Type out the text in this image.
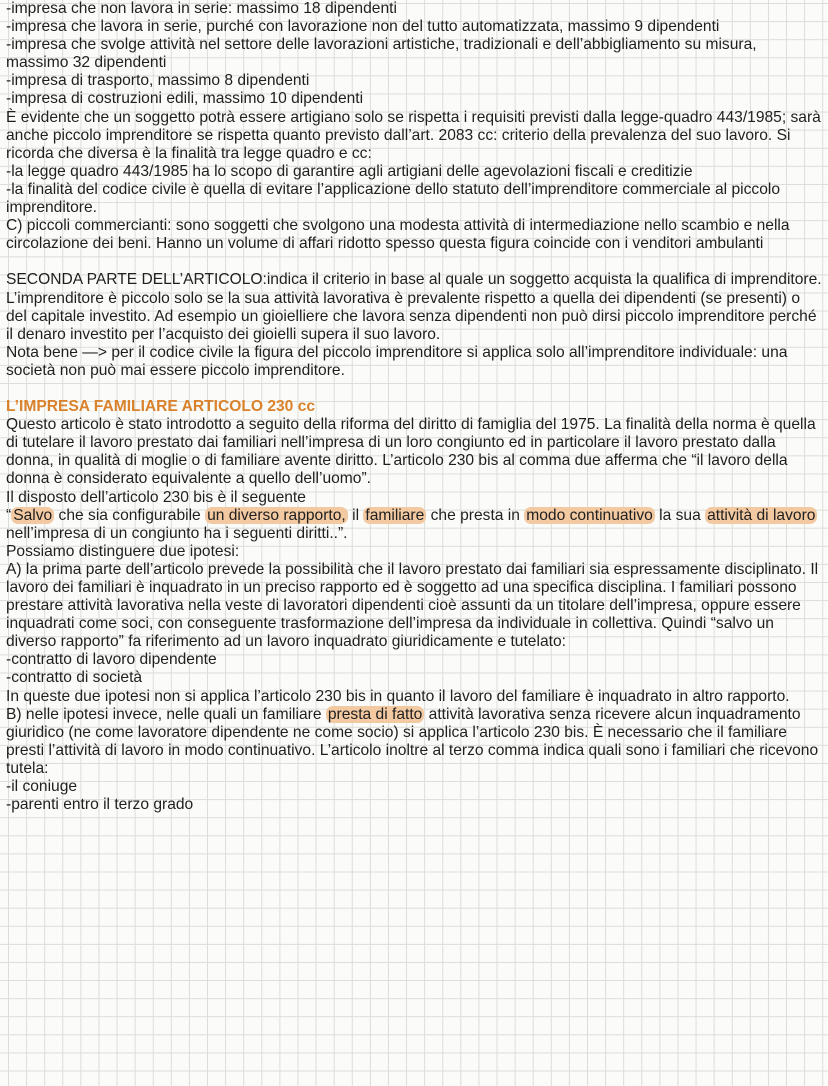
-impresa che non lavora in serie: massimo 18 dipendenti

-impresa che lavora in serie, purché con lavorazione non del tutto automatizzata, massimo 9 dipendenti

-impresa che svolge attività nel settore delle lavorazioni artistiche, tradizionali e dell’abbigliamento su misura, massimo 32 dipendenti

-impresa di trasporto, massimo 8 dipendenti

-impresa di costruzioni edili, massimo 10 dipendenti

È evidente che un soggetto potrà essere artigiano solo se rispetta i requisiti previsti dalla legge-quadro 443/1985; sarà anche piccolo imprenditore se rispetta quanto previsto dall’art. 2083 cc: criterio della prevalenza del suo lavoro. Si ricorda che diversa è la finalità tra legge quadro e cc:

-la legge quadro 443/1985 ha lo scopo di garantire agli artigiani delle agevolazioni fiscali e creditizie

-la finalità del codice civile è quella di evitare l’applicazione dello statuto dell’imprenditore commerciale al piccolo imprenditore.

C) piccoli commercianti: sono soggetti che svolgono una modesta attività di intermediazione nello scambio e nella circolazione dei beni. Hanno un volume di affari ridotto spesso questa figura coincide con i venditori ambulanti

SECONDA PARTE DELL’ARTICOLO:indica il criterio in base al quale un soggetto acquista la qualifica di imprenditore. L’imprenditore è piccolo solo se la sua attività lavorativa è prevalente rispetto a quella dei dipendenti (se presenti) o del capitale investito. Ad esempio un gioielliere che lavora senza dipendenti non può dirsi piccolo imprenditore perché il denaro investito per l’acquisto dei gioielli supera il suo lavoro.

Nota bene —> per il codice civile la figura del piccolo imprenditore si applica solo all’imprenditore individuale: una società non può mai essere piccolo imprenditore.

L’IMPRESA FAMILIARE ARTICOLO 230 cc

Questo articolo è stato introdotto a seguito della riforma del diritto di famiglia del 1975. La finalità della norma è quella di tutelare il lavoro prestato dai familiari nell’impresa di un loro congiunto ed in particolare il lavoro prestato dalla donna, in qualità di moglie o di familiare avente diritto. L’articolo 230 bis al comma due afferma che “il lavoro della donna è considerato equivalente a quello dell’uomo”.

Il disposto dell’articolo 230 bis è il seguente

“ Salvo che sia configurabile un diverso rapporto, il familiare che presta in modo continuativo la sua attività di lavoro nell’impresa di un congiunto ha i seguenti diritti..”.

Possiamo distinguere due ipotesi:

A) la prima parte dell’articolo prevede la possibilità che il lavoro prestato dai familiari sia espressamente disciplinato. Il lavoro dei familiari è inquadrato in un preciso rapporto ed è soggetto ad una specifica disciplina. I familiari possono prestare attività lavorativa nella veste di lavoratori dipendenti cioè assunti da un titolare dell’impresa, oppure essere inquadrati come soci, con conseguente trasformazione dell’impresa da individuale in collettiva. Quindi “salvo un diverso rapporto” fa riferimento ad un lavoro inquadrato giuridicamente e tutelato:

-contratto di lavoro dipendente

-contratto di società

In queste due ipotesi non si applica l’articolo 230 bis in quanto il lavoro del familiare è inquadrato in altro rapporto.

B) nelle ipotesi invece, nelle quali un familiare presta di fatto attività lavorativa senza ricevere alcun inquadramento giuridico (ne come lavoratore dipendente ne come socio) si applica l’articolo 230 bis. È necessario che il familiare presti l’attività di lavoro in modo continuativo. L’articolo inoltre al terzo comma indica quali sono i familiari che ricevono tutela:

-il coniuge

-parenti entro il terzo grado
